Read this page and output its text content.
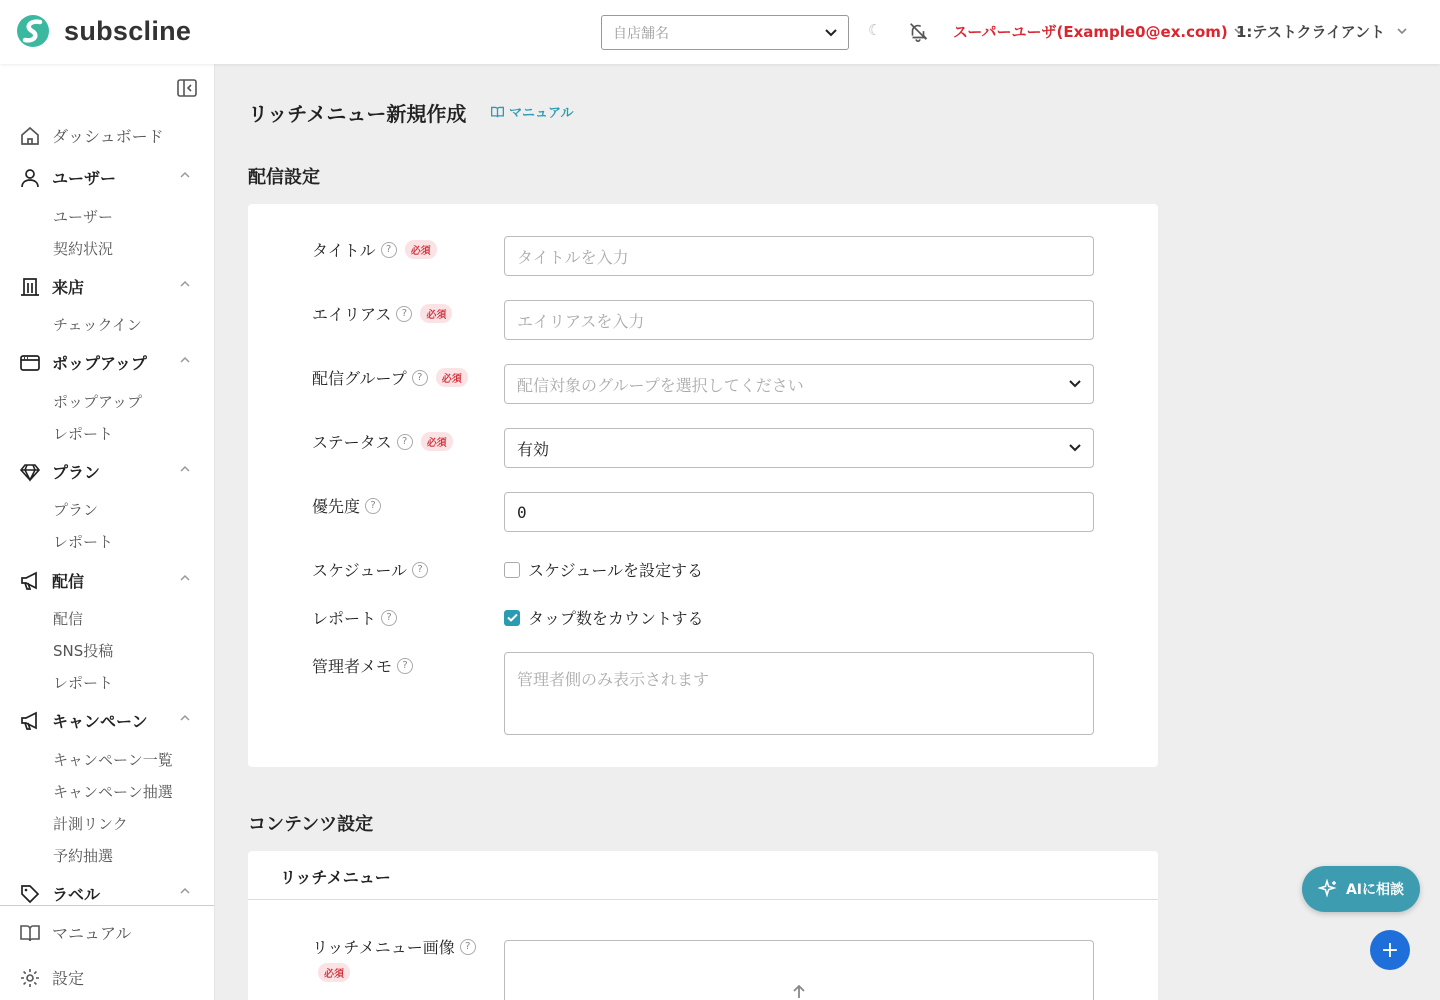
subscline	自店舗名	☾	スーパーユーザ(Example0@ex.com) 1:テストクライアント
ダッシュボード
ユーザー
ユーザー
契約状況
来店
チェックイン
ポップアップ
ポップアップ
レポート
プラン
プラン
レポート
配信
配信
SNS投稿
レポート
キャンペーン
キャンペーン一覧
キャンペーン抽選
計測リンク
予約抽選
ラベル
マニュアル
設定
リッチメニュー新規作成	マニュアル
配信設定
タイトル	?	必須	タイトルを入力
エイリアス	?	必須	エイリアスを入力
配信グループ	?	必須	配信対象のグループを選択してください
ステータス	?	必須	有効
優先度	?	0
スケジュール	?	スケジュールを設定する
レポート	?	タップ数をカウントする
管理者メモ	?
管理者側のみ表示されます
コンテンツ設定
リッチメニュー
リッチメニュー画像	?
必須
AIに相談
+
